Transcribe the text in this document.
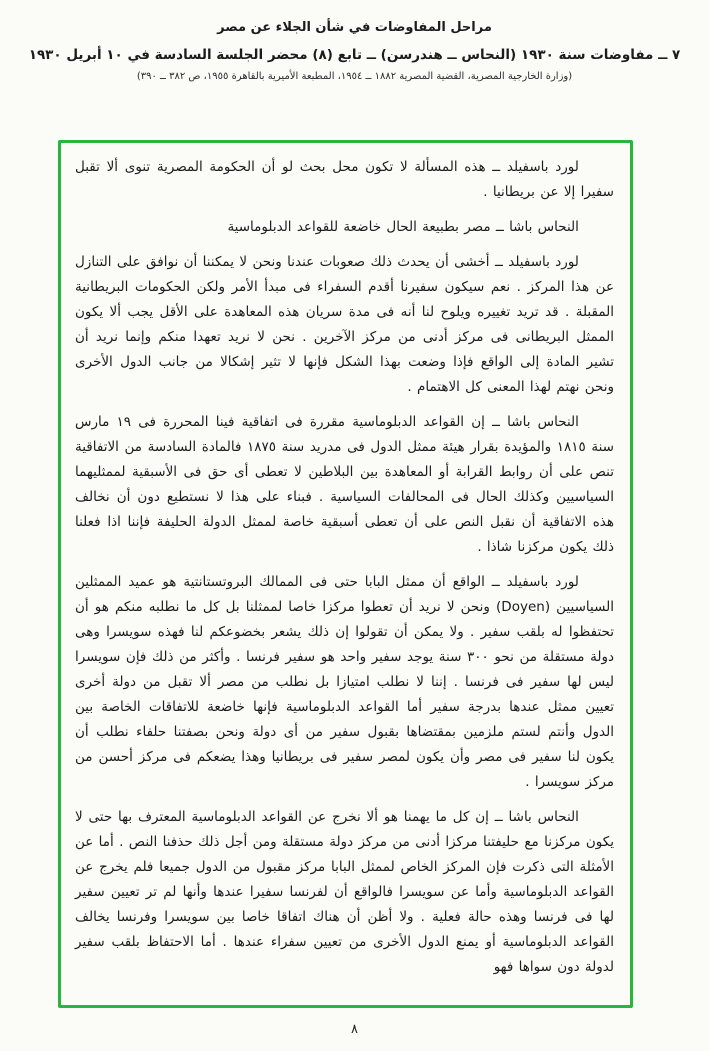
مراحل المفاوضات في شأن الجلاء عن مصر
٧ ــ مفاوضات سنة ١٩٣٠ (النحاس ــ هندرسن) ــ تابع (٨) محضر الجلسة السادسة في ١٠ أبريل ١٩٣٠
(وزارة الخارجية المصرية، القضية المصرية ١٨٨٢ ــ ١٩٥٤، المطبعة الأميرية بالقاهرة ١٩٥٥، ص ٣٨٢ ــ ٣٩٠)

لورد باسفيلد ــ هذه المسألة لا تكون محل بحث لو أن الحكومة المصرية تنوى ألا تقبل سفيرا إلا عن بريطانيا .

النحاس باشا ــ مصر بطبيعة الحال خاضعة للقواعد الدبلوماسية

لورد باسفيلد ــ أخشى أن يحدث ذلك صعوبات عندنا ونحن لا يمكننا أن نوافق على التنازل عن هذا المركز . نعم سيكون سفيرنا أقدم السفراء فى مبدأ الأمر ولكن الحكومات البريطانية المقبلة . قد تريد تغييره ويلوح لنا أنه فى مدة سريان هذه المعاهدة على الأقل يجب ألا يكون الممثل البريطانى فى مركز أدنى من مركز الآخرين . نحن لا نريد تعهدا منكم وإنما نريد أن تشير المادة إلى الواقع فإذا وضعت بهذا الشكل فإنها لا تثير إشكالا من جانب الدول الأخرى ونحن نهتم لهذا المعنى كل الاهتمام .

النحاس باشا ــ إن القواعد الدبلوماسية مقررة فى اتفاقية فينا المحررة فى ١٩ مارس سنة ١٨١٥ والمؤيدة بقرار هيئة ممثل الدول فى مدريد سنة ١٨٧٥ فالمادة السادسة من الاتفاقية تنص على أن روابط القرابة أو المعاهدة بين البلاطين لا تعطى أى حق فى الأسبقية لممثليهما السياسيين وكذلك الحال فى المحالفات السياسية . فبناء على هذا لا نستطيع دون أن نخالف هذه الاتفاقية أن نقبل النص على أن تعطى أسبقية خاصة لممثل الدولة الحليفة فإننا اذا فعلنا ذلك يكون مركزنا شاذا .

لورد باسفيلد ــ الواقع أن ممثل البابا حتى فى الممالك البروتستانتية هو عميد الممثلين السياسيين (Doyen) ونحن لا نريد أن تعطوا مركزا خاصا لممثلنا بل كل ما نطلبه منكم هو أن تحتفظوا له بلقب سفير . ولا يمكن أن تقولوا إن ذلك يشعر بخضوعكم لنا فهذه سويسرا وهى دولة مستقلة من نحو ٣٠٠ سنة يوجد سفير واحد هو سفير فرنسا . وأكثر من ذلك فإن سويسرا ليس لها سفير فى فرنسا . إننا لا نطلب امتيازا بل نطلب من مصر ألا تقبل من دولة أخرى تعيين ممثل عندها بدرجة سفير أما القواعد الدبلوماسية فإنها خاضعة للاتفاقات الخاصة بين الدول وأنتم لستم ملزمين بمقتضاها بقبول سفير من أى دولة ونحن بصفتنا حلفاء نطلب أن يكون لنا سفير فى مصر وأن يكون لمصر سفير فى بريطانيا وهذا يضعكم فى مركز أحسن من مركز سويسرا .

النحاس باشا ــ إن كل ما يهمنا هو ألا نخرج عن القواعد الدبلوماسية المعترف بها حتى لا يكون مركزنا مع حليفتنا مركزا أدنى من مركز دولة مستقلة ومن أجل ذلك حذفنا النص . أما عن الأمثلة التى ذكرت فإن المركز الخاص لممثل البابا مركز مقبول من الدول جميعا فلم يخرج عن القواعد الدبلوماسية وأما عن سويسرا فالواقع أن لفرنسا سفيرا عندها وأنها لم تر تعيين سفير لها فى فرنسا وهذه حالة فعلية . ولا أظن أن هناك اتفاقا خاصا بين سويسرا وفرنسا يخالف القواعد الدبلوماسية أو يمنع الدول الأخرى من تعيين سفراء عندها . أما الاحتفاظ بلقب سفير لدولة دون سواها فهو

٨
